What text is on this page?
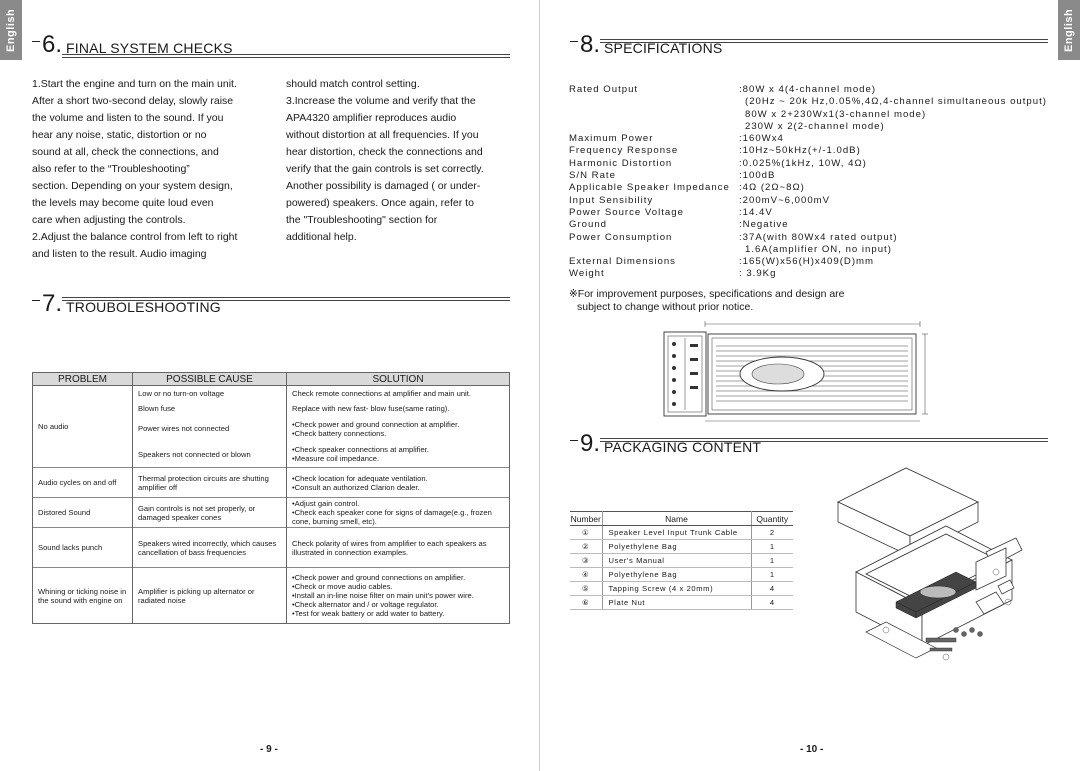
English 6. FINAL SYSTEM CHECKS

1.Start the engine and turn on the main unit.

After a short two-second delay, slowly raise

the volume and listen to the sound. If you

hear any noise, static, distortion or no

sound at all, check the connections, and

also refer to the “Troubleshooting”

section. Depending on your system design,

the levels may become quite loud even

care when adjusting the controls.

2.Adjust the balance control from left to right

and listen to the result. Audio imaging

should match control setting.

3.Increase the volume and verify that the

APA4320 amplifier reproduces audio

without distortion at all frequencies. If you

hear distortion, check the connections and

verify that the gain controls is set correctly.

Another possibility is damaged ( or under-

powered) speakers. Once again, refer to

the "Troubleshooting" section for

additional help.

7. TROUBOLESHOOTING
PROBLEM	POSSIBLE CAUSE	SOLUTION
No audio	Low or no turn-on voltage	Check remote connections at amplifier and main unit.

	Blown fuse	Replace with new fast- blow fuse(same rating).

	Power wires not connected	• Check power and ground connection at amplifier.
• Check battery connections.

	Speakers not connected or blown	• Check speaker connections at amplifier.
• Measure coil impedance.

Audio cycles on and off	Thermal protection circuits are shutting amplifier off	• Check location for adequate ventilation.
• Consult an authorized Clarion dealer.

Distored Sound	Gain controls is not set properly, or damaged speaker cones	• Adjust gain control.
• Check each speaker cone for signs of damage(e.g., frozen cone, burning smell, etc).

Sound lacks punch	Speakers wired incorrectly, which causes cancellation of bass frequencies	Check polarity of wires from amplifier to each speakers as illustrated in connection examples.

Whining or ticking noise in the sound with engine on	Amplifier is picking up alternator or radiated noise	• Check power and ground connections on amplifier.
• Check or move audio cables.
• Install an in-line noise filter on main unit's power wire.
• Check alternator and / or voltage regulator.
• Test for weak battery or add water to battery.
- 9 -
English
8. SPECIFICATIONS
9. PACKAGING CONTENT
- 10 -
Rated Output	:80W x 4(4-channel mode)
(20Hz ~ 20k Hz,0.05%,4Ω,4-channel simultaneous output)
80W x 2+230Wx1(3-channel mode)
230W x 2(2-channel mode)
Maximum Power	:160Wx4
Frequency Response	:10Hz~50kHz(+/-1.0dB)
Harmonic Distortion	:0.025%(1kHz, 10W, 4Ω)
S/N Rate	:100dB
Applicable Speaker Impedance :4Ω (2Ω~8Ω)
Input Sensibility	:200mV~6,000mV
Power Source Voltage	:14.4V
Ground	:Negative
Power Consumption	:37A(with 80Wx4 rated output)
1.6A(amplifier ON, no input)
External Dimensions	:165(W)x56(H)x409(D)mm
Weight	: 3.9Kg
※For improvement purposes, specifications and design are
subject to change without prior notice.
Number	Name	Quantity
①	Speaker Level Input Trunk Cable	2
②	Polyethylene Bag	1
③	User's Manual	1
④	Polyethylene Bag	1
⑤	Tapping Screw (4 x 20mm)	4
⑥	Plate Nut	4
